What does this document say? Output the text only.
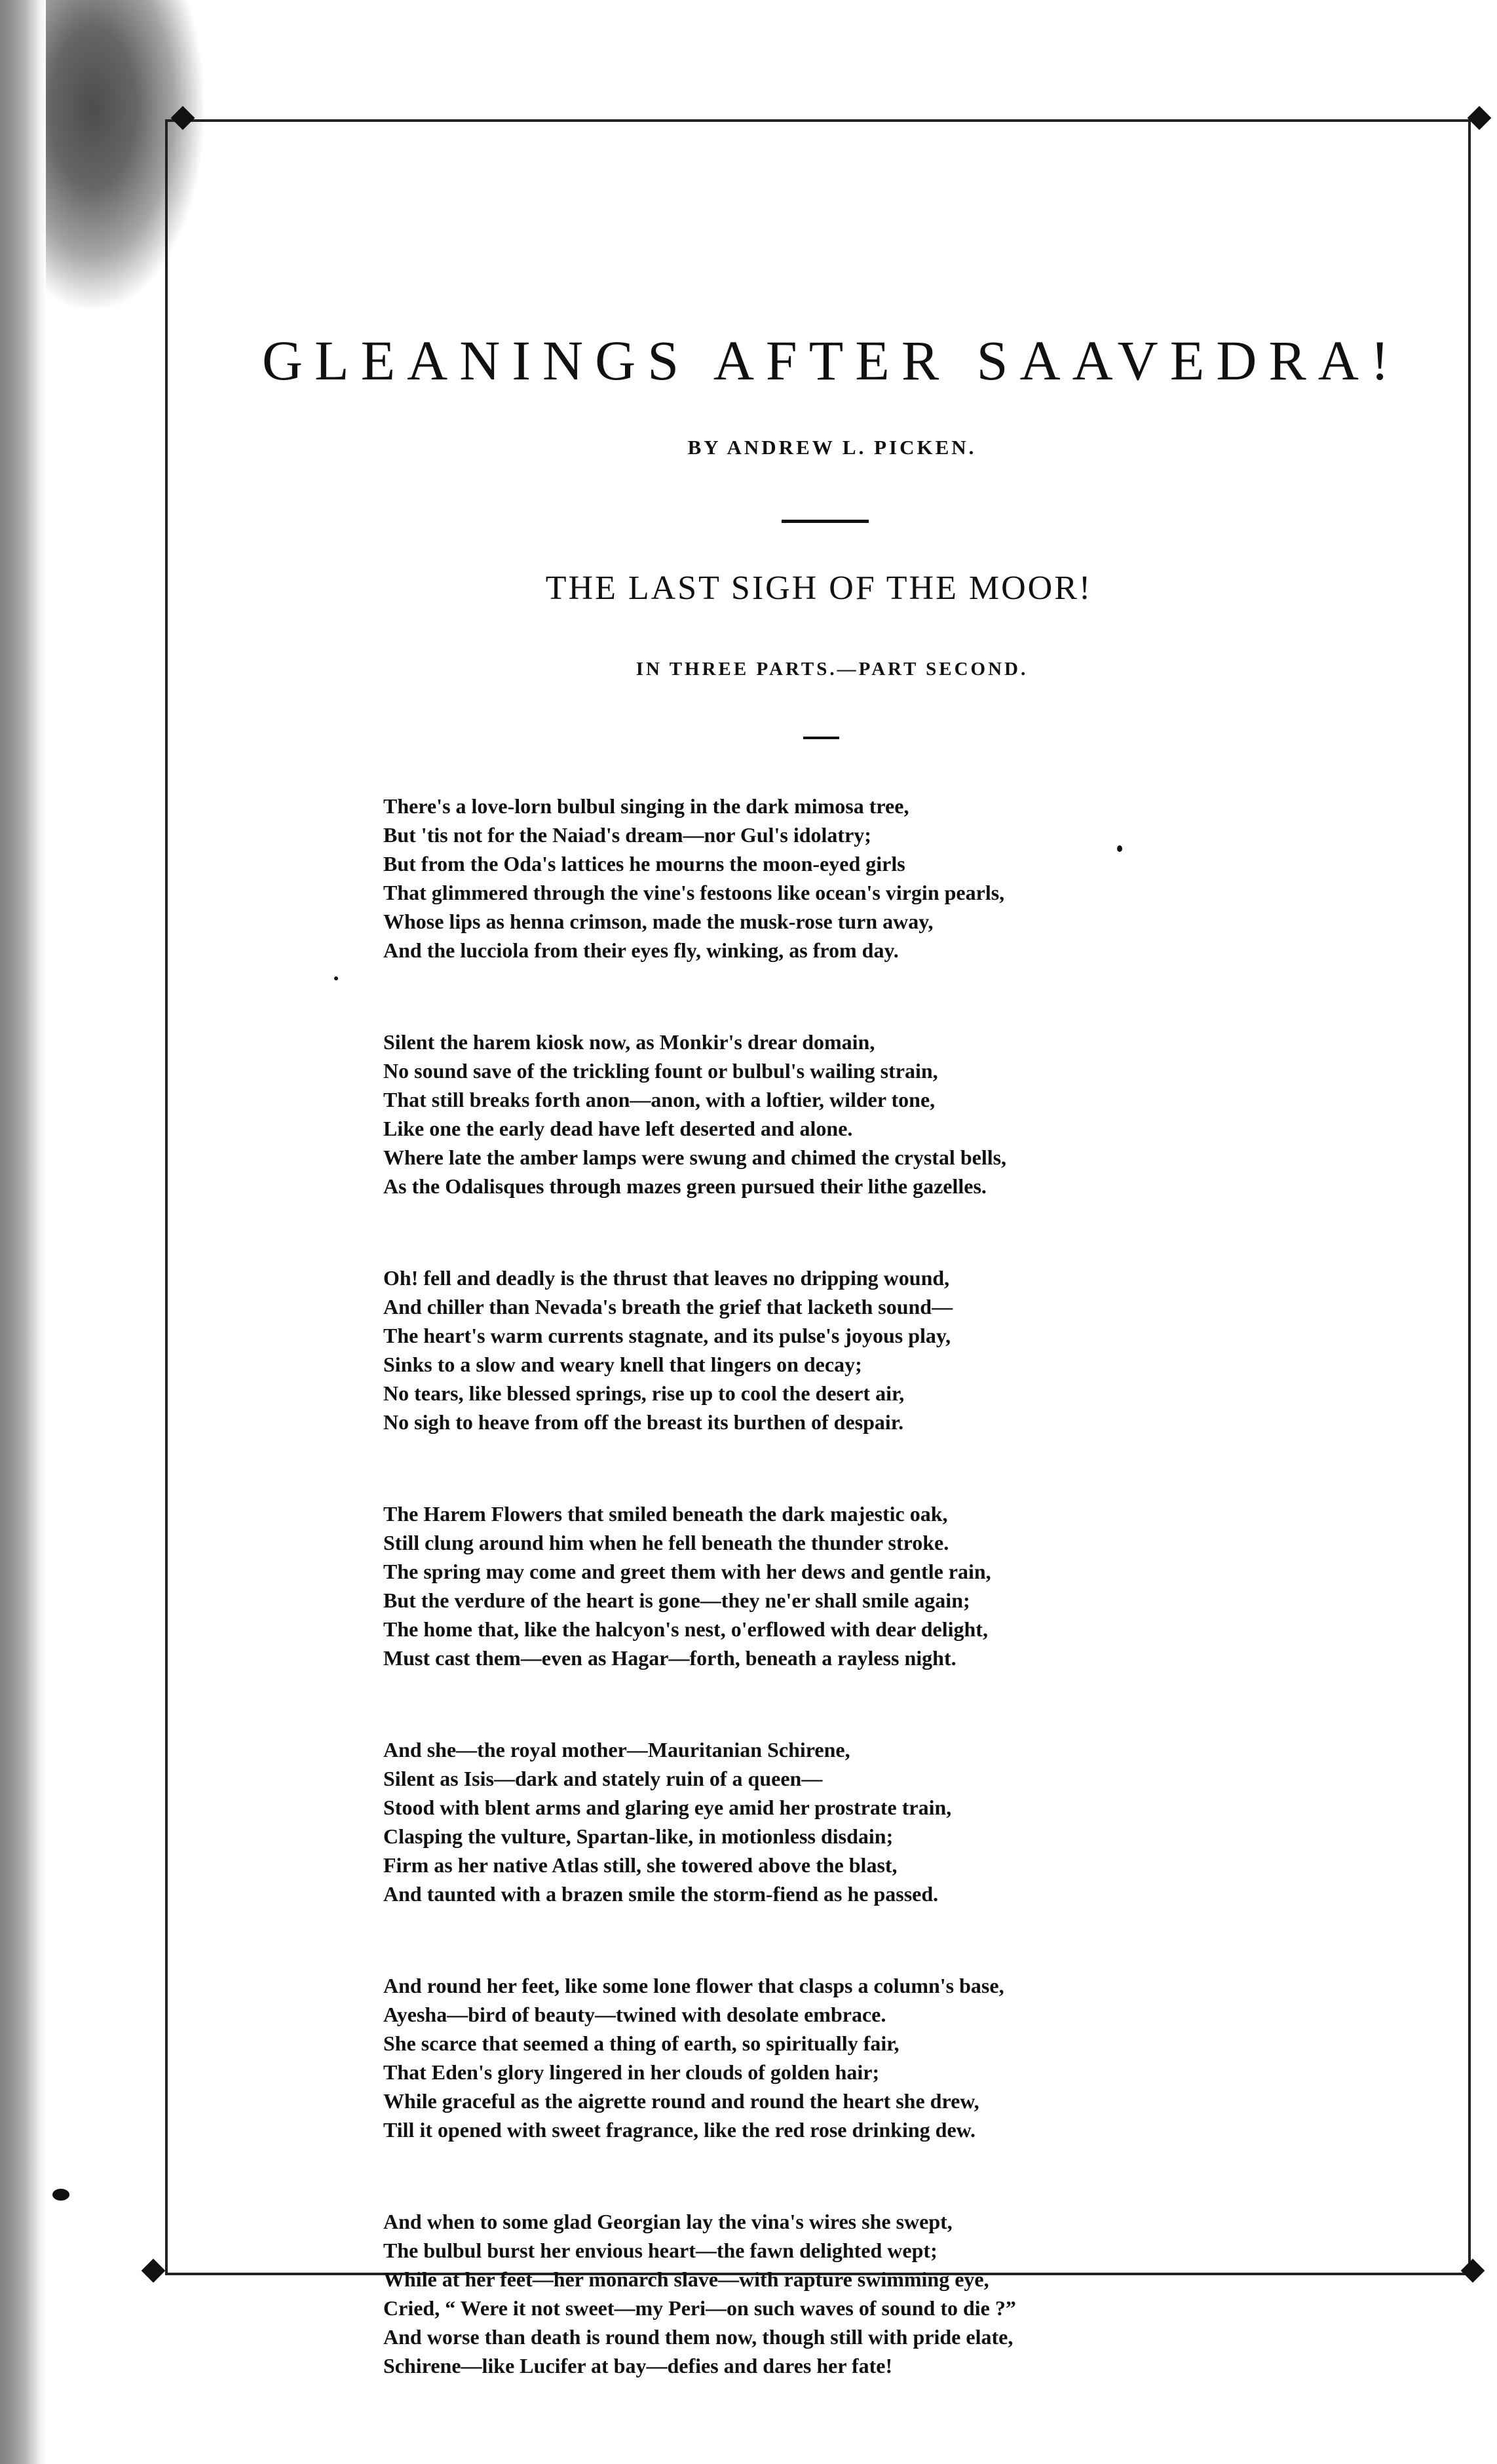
GLEANINGS AFTER SAAVEDRA!
BY ANDREW L. PICKEN.
THE LAST SIGH OF THE MOOR!
IN THREE PARTS.—PART SECOND.
There's a love-lorn bulbul singing in the dark mimosa tree,
But 'tis not for the Naiad's dream—nor Gul's idolatry;
But from the Oda's lattices he mourns the moon-eyed girls
That glimmered through the vine's festoons like ocean's virgin pearls,
Whose lips as henna crimson, made the musk-rose turn away,
And the lucciola from their eyes fly, winking, as from day.
Silent the harem kiosk now, as Monkir's drear domain,
No sound save of the trickling fount or bulbul's wailing strain,
That still breaks forth anon—anon, with a loftier, wilder tone,
Like one the early dead have left deserted and alone.
Where late the amber lamps were swung and chimed the crystal bells,
As the Odalisques through mazes green pursued their lithe gazelles.
Oh! fell and deadly is the thrust that leaves no dripping wound,
And chiller than Nevada's breath the grief that lacketh sound—
The heart's warm currents stagnate, and its pulse's joyous play,
Sinks to a slow and weary knell that lingers on decay;
No tears, like blessed springs, rise up to cool the desert air,
No sigh to heave from off the breast its burthen of despair.
The Harem Flowers that smiled beneath the dark majestic oak,
Still clung around him when he fell beneath the thunder stroke.
The spring may come and greet them with her dews and gentle rain,
But the verdure of the heart is gone—they ne'er shall smile again;
The home that, like the halcyon's nest, o'erflowed with dear delight,
Must cast them—even as Hagar—forth, beneath a rayless night.
And she—the royal mother—Mauritanian Schirene,
Silent as Isis—dark and stately ruin of a queen—
Stood with blent arms and glaring eye amid her prostrate train,
Clasping the vulture, Spartan-like, in motionless disdain;
Firm as her native Atlas still, she towered above the blast,
And taunted with a brazen smile the storm-fiend as he passed.
And round her feet, like some lone flower that clasps a column's base,
Ayesha—bird of beauty—twined with desolate embrace.
She scarce that seemed a thing of earth, so spiritually fair,
That Eden's glory lingered in her clouds of golden hair;
While graceful as the aigrette round and round the heart she drew,
Till it opened with sweet fragrance, like the red rose drinking dew.
And when to some glad Georgian lay the vina's wires she swept,
The bulbul burst her envious heart—the fawn delighted wept;
While at her feet—her monarch slave—with rapture swimming eye,
Cried, “ Were it not sweet—my Peri—on such waves of sound to die ?”
And worse than death is round them now, though still with pride elate,
Schirene—like Lucifer at bay—defies and dares her fate!
